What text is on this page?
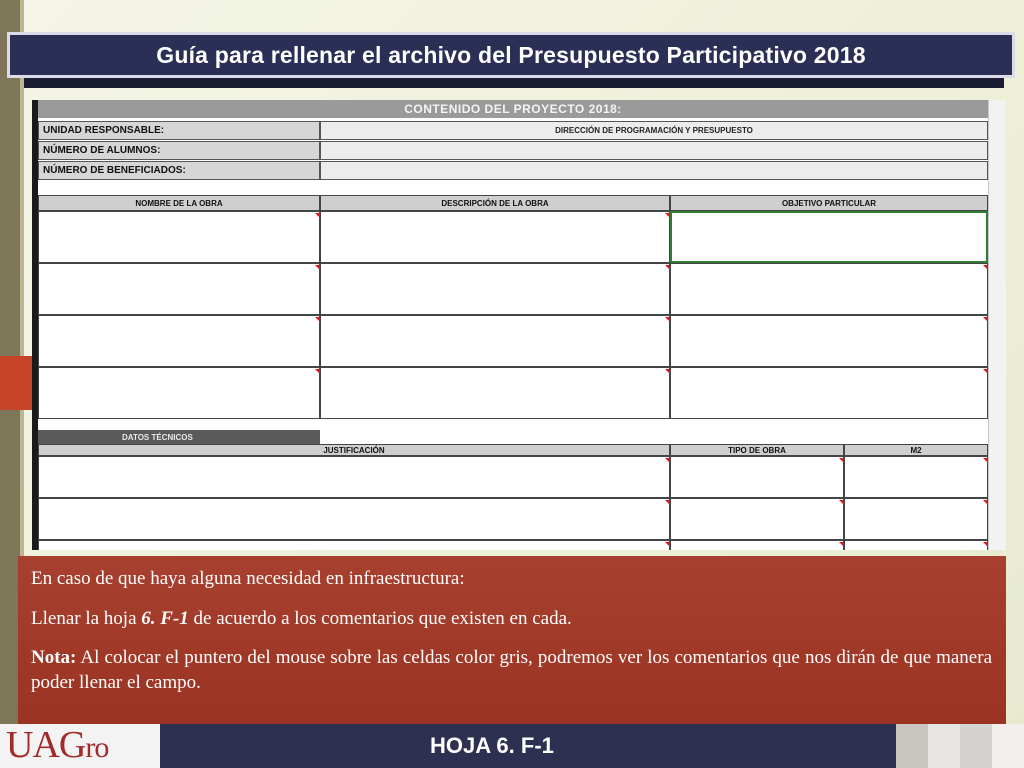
Guía para rellenar el archivo del Presupuesto Participativo 2018
CONTENIDO DEL PROYECTO 2018:
UNIDAD RESPONSABLE:	DIRECCIÓN DE PROGRAMACIÓN Y PRESUPUESTO
NÚMERO DE ALUMNOS:
NÚMERO DE BENEFICIADOS:
NOMBRE DE LA OBRA	DESCRIPCIÓN DE LA OBRA	OBJETIVO PARTICULAR
DATOS TÉCNICOS
JUSTIFICACIÓN	TIPO DE OBRA	M2

En caso de que haya alguna necesidad en infraestructura:

Llenar la hoja 6. F-1 de acuerdo a los comentarios que existen en cada.

Nota: Al colocar el puntero del mouse sobre las celdas color gris, podremos ver los comentarios que nos dirán de que manera poder llenar el campo.

UAGro	HOJA 6. F-1
